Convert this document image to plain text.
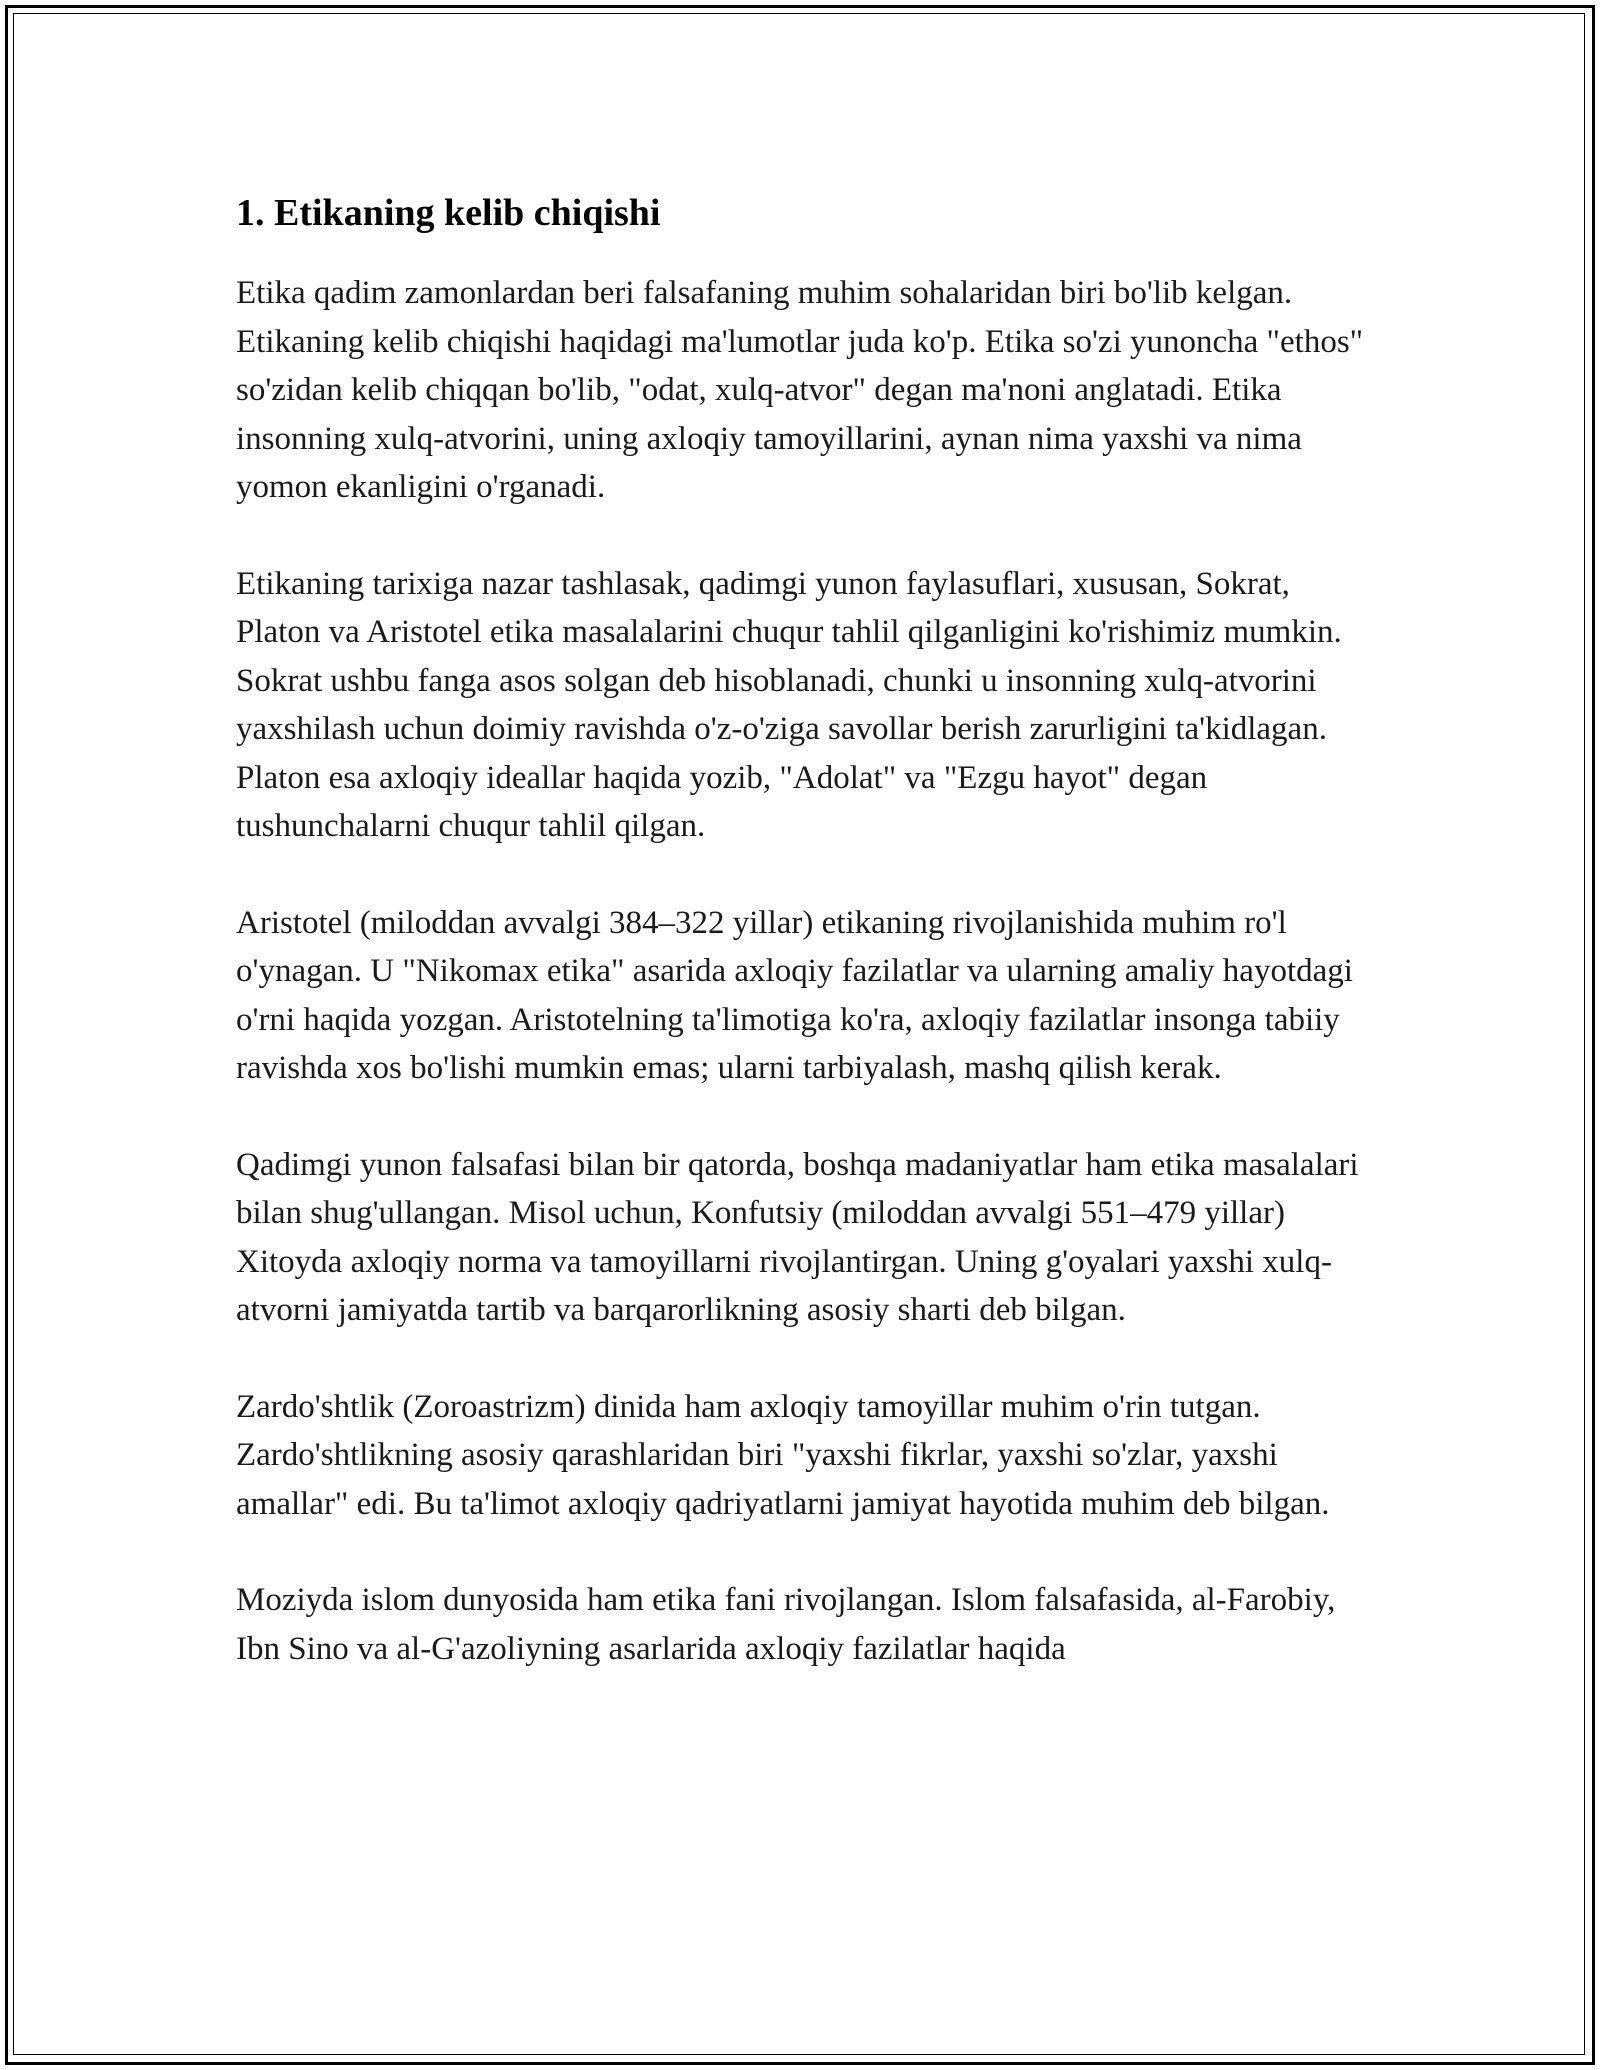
1. Etikaning kelib chiqishi

Etika qadim zamonlardan beri falsafaning muhim sohalaridan biri bo'lib kelgan. Etikaning kelib chiqishi haqidagi ma'lumotlar juda ko'p. Etika so'zi yunoncha "ethos" so'zidan kelib chiqqan bo'lib, "odat, xulq-atvor" degan ma'noni anglatadi. Etika insonning xulq-atvorini, uning axloqiy tamoyillarini, aynan nima yaxshi va nima yomon ekanligini o'rganadi.

Etikaning tarixiga nazar tashlasak, qadimgi yunon faylasuflari, xususan, Sokrat, Platon va Aristotel etika masalalarini chuqur tahlil qilganligini ko'rishimiz mumkin. Sokrat ushbu fanga asos solgan deb hisoblanadi, chunki u insonning xulq-atvorini yaxshilash uchun doimiy ravishda o'z-o'ziga savollar berish zarurligini ta'kidlagan. Platon esa axloqiy ideallar haqida yozib, "Adolat" va "Ezgu hayot" degan tushunchalarni chuqur tahlil qilgan.

Aristotel (miloddan avvalgi 384–322 yillar) etikaning rivojlanishida muhim ro'l o'ynagan. U "Nikomax etika" asarida axloqiy fazilatlar va ularning amaliy hayotdagi o'rni haqida yozgan. Aristotelning ta'limotiga ko'ra, axloqiy fazilatlar insonga tabiiy ravishda xos bo'lishi mumkin emas; ularni tarbiyalash, mashq qilish kerak.

Qadimgi yunon falsafasi bilan bir qatorda, boshqa madaniyatlar ham etika masalalari bilan shug'ullangan. Misol uchun, Konfutsiy (miloddan avvalgi 551–479 yillar) Xitoyda axloqiy norma va tamoyillarni rivojlantirgan. Uning g'oyalari yaxshi xulq-atvorni jamiyatda tartib va barqarorlikning asosiy sharti deb bilgan.

Zardo'shtlik (Zoroastrizm) dinida ham axloqiy tamoyillar muhim o'rin tutgan. Zardo'shtlikning asosiy qarashlaridan biri "yaxshi fikrlar, yaxshi so'zlar, yaxshi amallar" edi. Bu ta'limot axloqiy qadriyatlarni jamiyat hayotida muhim deb bilgan.

Moziyda islom dunyosida ham etika fani rivojlangan. Islom falsafasida, al-Farobiy, Ibn Sino va al-G'azoliyning asarlarida axloqiy fazilatlar haqida
